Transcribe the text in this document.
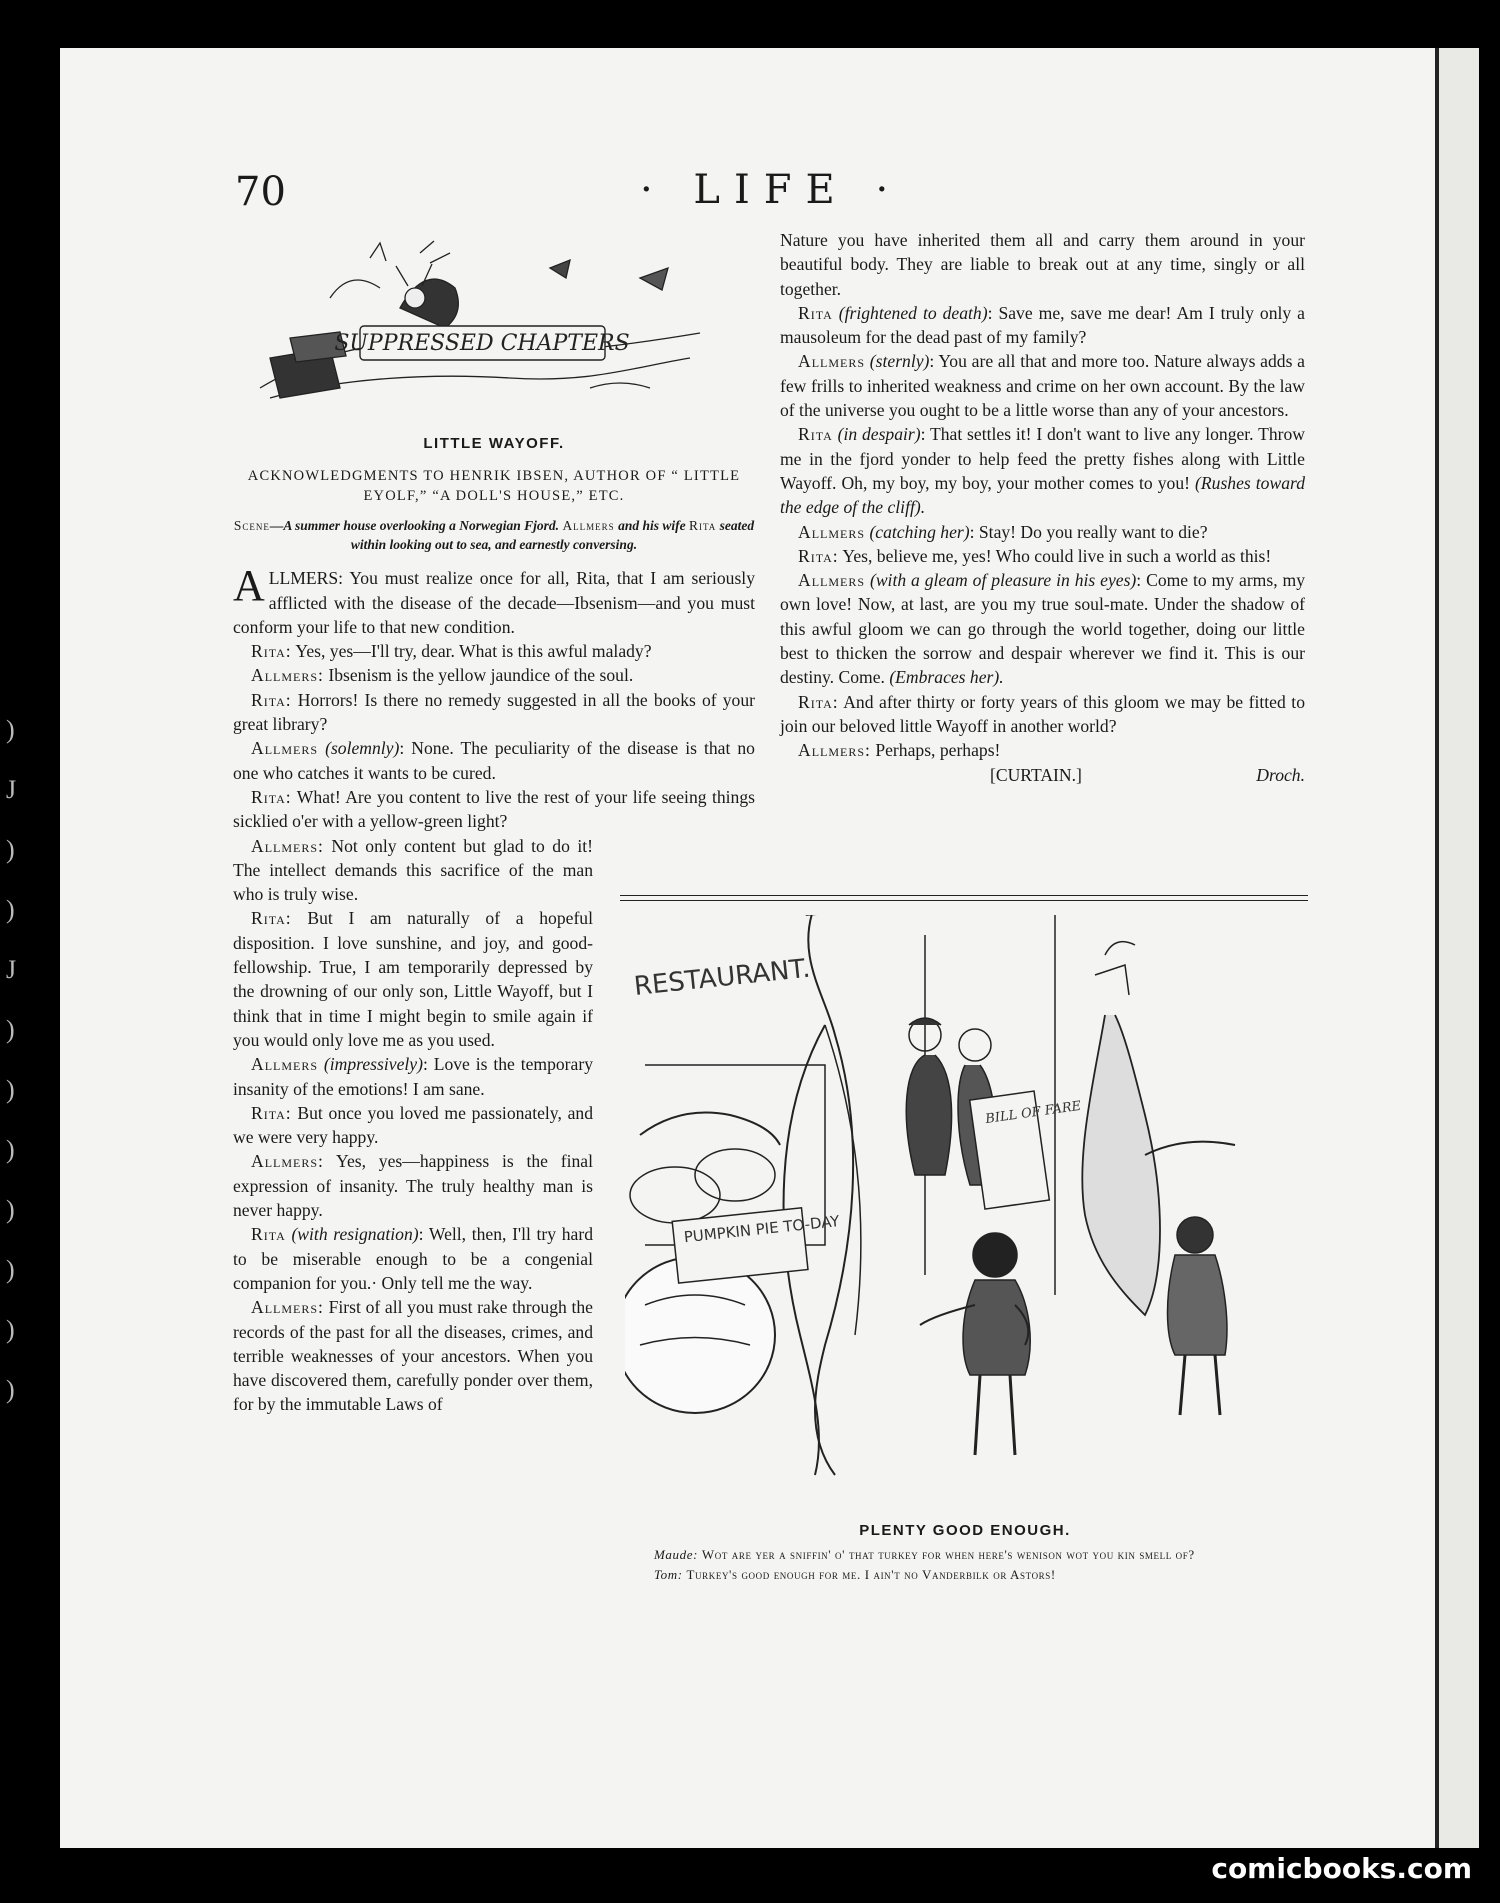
)
J
)
)
J
)
)
)
)
)
)
)
70	· LIFE ·
SUPPRESSED CHAPTERS
LITTLE WAYOFF.
ACKNOWLEDGMENTS TO HENRIK IBSEN, AUTHOR OF “ LITTLE EYOLF,” “A DOLL'S HOUSE,” ETC.
Scene—A summer house overlooking a Norwegian Fjord. Allmers and his wife Rita seated within looking out to sea, and earnestly conversing.

ALLMERS: You must realize once for all, Rita, that I am seriously afflicted with the disease of the decade—Ibsenism—and you must conform your life to that new condition.

Rita: Yes, yes—I'll try, dear. What is this awful malady?

Allmers: Ibsenism is the yellow jaundice of the soul.

Rita: Horrors! Is there no remedy suggested in all the books of your great library?

Allmers (solemnly): None. The peculiarity of the disease is that no one who catches it wants to be cured.

Rita: What! Are you content to live the rest of your life seeing things sicklied o'er with a yellow-green light?

Allmers: Not only content but glad to do it! The intellect demands this sacrifice of the man who is truly wise.

Rita: But I am naturally of a hopeful disposition. I love sunshine, and joy, and good-fellowship. True, I am temporarily depressed by the drowning of our only son, Little Wayoff, but I think that in time I might begin to smile again if you would only love me as you used.

Allmers (impressively): Love is the temporary insanity of the emotions! I am sane.

Rita: But once you loved me passionately, and we were very happy.

Allmers: Yes, yes—happiness is the final expression of insanity. The truly healthy man is never happy.

Rita (with resignation): Well, then, I'll try hard to be miserable enough to be a congenial companion for you.· Only tell me the way.

Allmers: First of all you must rake through the records of the past for all the diseases, crimes, and terrible weaknesses of your ancestors. When you have discovered them, carefully ponder over them, for by the immutable Laws of

Nature you have inherited them all and carry them around in your beautiful body. They are liable to break out at any time, singly or all together.

Rita (frightened to death): Save me, save me dear! Am I truly only a mausoleum for the dead past of my family?

Allmers (sternly): You are all that and more too. Nature always adds a few frills to inherited weakness and crime on her own account. By the law of the universe you ought to be a little worse than any of your ancestors.

Rita (in despair): That settles it! I don't want to live any longer. Throw me in the fjord yonder to help feed the pretty fishes along with Little Wayoff. Oh, my boy, my boy, your mother comes to you! (Rushes toward the edge of the cliff).

Allmers (catching her): Stay! Do you really want to die?

Rita: Yes, believe me, yes! Who could live in such a world as this!

Allmers (with a gleam of pleasure in his eyes): Come to my arms, my own love! Now, at last, are you my true soul-mate. Under the shadow of this awful gloom we can go through the world together, doing our little best to thicken the sorrow and despair wherever we find it. This is our destiny. Come. (Embraces her).

Rita: And after thirty or forty years of this gloom we may be fitted to join our beloved little Wayoff in another world?

Allmers: Perhaps, perhaps!

[CURTAIN.]	Droch.

RESTAURANT.
PUMPKIN PIE TO-DAY
BILL OF FARE
PLENTY GOOD ENOUGH.

Maude: Wot are yer a sniffin' o' that turkey for when here's wenison wot you kin smell of?

Tom: Turkey's good enough for me. I ain't no Vanderbilk or Astors!

comicbooks.com
